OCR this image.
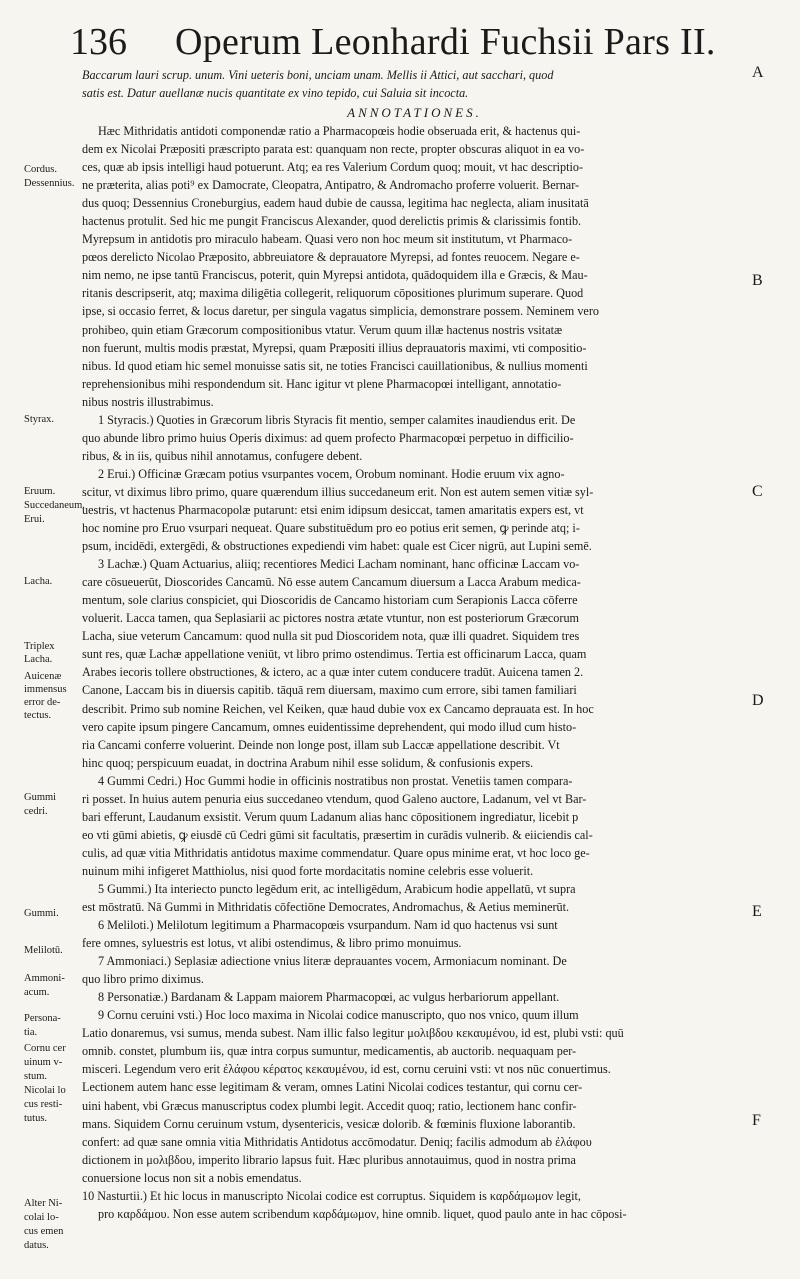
136 Operum Leonhardi Fuchsii Pars II.
Baccarum lauri scrup. unum. Vini ueteris boni, unciam unam. Mellis ii Attici, aut sacchari, quod
satis est. Datur auellanæ nucis quantitate ex vino tepido, cui Saluia sit incocta.
ANNOTATIONES.
Hæc Mithridatis antidoti componendæ ratio a Pharmacopœis hodie obseruada erit, & hactenus qui-
dem ex Nicolai Præpositi præscripto parata est: quanquam non recte, propter obscuras aliquot in ea vo-
ces, quæ ab ipsis intelligi haud potuerunt. Atq; ea res Valerium Cordum quoq; mouit, vt hac descriptio-
ne præterita, alias poti⁹ ex Damocrate, Cleopatra, Antipatro, & Andromacho proferre voluerit. Bernar-
dus quoq; Dessennius Croneburgius, eadem haud dubie de caussa, legitima hac neglecta, aliam inusitatā
hactenus protulit. Sed hic me pungit Franciscus Alexander, quod derelictis primis & clarissimis fontib.
Myrepsum in antidotis pro miraculo habeam. Quasi vero non hoc meum sit institutum, vt Pharmaco-
pœos derelicto Nicolao Præposito, abbreuiatore & deprauatore Myrepsi, ad fontes reuocem. Negare e-
nim nemo, ne ipse tantū Franciscus, poterit, quin Myrepsi antidota, quādoquidem illa e Græcis, & Mau-
ritanis descripserit, atq; maxima diligētia collegerit, reliquorum cōpositiones plurimum superare. Quod
ipse, si occasio ferret, & locus daretur, per singula vagatus simplicia, demonstrare possem. Neminem vero
prohibeo, quin etiam Græcorum compositionibus vtatur. Verum quum illæ hactenus nostris vsitatæ
non fuerunt, multis modis præstat, Myrepsi, quam Præpositi illius deprauatoris maximi, vti compositio-
nibus. Id quod etiam hic semel monuisse satis sit, ne toties Francisci cauillationibus, & nullius momenti
reprehensionibus mihi respondendum sit. Hanc igitur vt plene Pharmacopœi intelligant, annotatio-
nibus nostris illustrabimus.
1 Styracis.) Quoties in Græcorum libris Styracis fit mentio, semper calamites inaudiendus erit. De
quo abunde libro primo huius Operis diximus: ad quem profecto Pharmacopœi perpetuo in difficilio-
ribus, & in iis, quibus nihil annotamus, confugere debent.
2 Erui.) Officinæ Græcam potius vsurpantes vocem, Orobum nominant. Hodie eruum vix agno-
scitur, vt diximus libro primo, quare quærendum illius succedaneum erit. Non est autem semen vitiæ syl-
uestris, vt hactenus Pharmacopolæ putarunt: etsi enim idipsum desiccat, tamen amaritatis expers est, vt
hoc nomine pro Eruo vsurpari nequeat. Quare substituēdum pro eo potius erit semen, ꝙ perinde atq; i-
psum, incidēdi, extergēdi, & obstructiones expediendi vim habet: quale est Cicer nigrū, aut Lupini semē.
3 Lachæ.) Quam Actuarius, aliiq; recentiores Medici Lacham nominant, hanc officinæ Laccam vo-
care cōsueuerūt, Dioscorides Cancamū. Nō esse autem Cancamum diuersum a Lacca Arabum medica-
mentum, sole clarius conspiciet, qui Dioscoridis de Cancamo historiam cum Serapionis Lacca cōferre
voluerit. Lacca tamen, qua Seplasiarii ac pictores nostra ætate vtuntur, non est posteriorum Græcorum
Lacha, siue veterum Cancamum: quod nulla sit pud Dioscoridem nota, quæ illi quadret. Siquidem tres
sunt res, quæ Lachæ appellatione veniūt, vt libro primo ostendimus. Tertia est officinarum Lacca, quam
Arabes iecoris tollere obstructiones, & ictero, ac a quæ inter cutem conducere tradūt. Auicena tamen 2.
Canone, Laccam bis in diuersis capitib. tāquā rem diuersam, maximo cum errore, sibi tamen familiari
describit. Primo sub nomine Reichen, vel Keiken, quæ haud dubie vox ex Cancamo deprauata est. In hoc
vero capite ipsum pingere Cancamum, omnes euidentissime deprehendent, qui modo illud cum histo-
ria Cancami conferre voluerint. Deinde non longe post, illam sub Laccæ appellatione describit. Vt
hinc quoq; perspicuum euadat, in doctrina Arabum nihil esse solidum, & confusionis expers.
4 Gummi Cedri.) Hoc Gummi hodie in officinis nostratibus non prostat. Venetiis tamen compara-
ri posset. In huius autem penuria eius succedaneo vtendum, quod Galeno auctore, Ladanum, vel vt Bar-
bari efferunt, Laudanum exsistit. Verum quum Ladanum alias hanc cōpositionem ingrediatur, licebit p
eo vti gūmi abietis, ꝙ eiusdē cū Cedri gūmi sit facultatis, præsertim in curādis vulnerib. & eiiciendis cal-
culis, ad quæ vitia Mithridatis antidotus maxime commendatur. Quare opus minime erat, vt hoc loco ge-
nuinum mihi infigeret Matthiolus, nisi quod forte mordacitatis nomine celebris esse voluerit.
5 Gummi.) Ita interiecto puncto legēdum erit, ac intelligēdum, Arabicum hodie appellatū, vt supra
est mōstratū. Nā Gummi in Mithridatis cōfectiōne Democrates, Andromachus, & Aetius meminerūt.
6 Meliloti.) Melilotum legitimum a Pharmacopœis vsurpandum. Nam id quo hactenus vsi sunt
fere omnes, syluestris est lotus, vt alibi ostendimus, & libro primo monuimus.
7 Ammoniaci.) Seplasiæ adiectione vnius literæ deprauantes vocem, Armoniacum nominant. De
quo libro primo diximus.
8 Personatiæ.) Bardanam & Lappam maiorem Pharmacopœi, ac vulgus herbariorum appellant.
9 Cornu ceruini vsti.) Hoc loco maxima in Nicolai codice manuscripto, quo nos vnico, quum illum
Latio donaremus, vsi sumus, menda subest. Nam illic falso legitur μολιβδου κεκαυμένου, id est, plubi vsti: quū
omnib. constet, plumbum iis, quæ intra corpus sumuntur, medicamentis, ab auctorib. nequaquam per-
misceri. Legendum vero erit ἐλάφου κέρατος κεκαυμένου, id est, cornu ceruini vsti: vt nos nūc conuertimus.
Lectionem autem hanc esse legitimam & veram, omnes Latini Nicolai codices testantur, qui cornu cer-
uini habent, vbi Græcus manuscriptus codex plumbi legit. Accedit quoq; ratio, lectionem hanc confir-
mans. Siquidem Cornu ceruinum vstum, dysentericis, vesicæ dolorib. & fœminis fluxione laborantib.
confert: ad quæ sane omnia vitia Mithridatis Antidotus accōmodatur. Deniq; facilis admodum ab ἐλάφου
dictionem in μολιβδου, imperito librario lapsus fuit. Hæc pluribus annotauimus, quod in nostra prima
conuersione locus non sit a nobis emendatus.
10 Nasturtii.) Et hic locus in manuscripto Nicolai codice est corruptus. Siquidem is καρδάμωμον legit,
pro καρδάμου. Non esse autem scribendum καρδάμωμον, hine omnib. liquet, quod paulo ante in hac cōposi-
Cordus.
Dessennius.
Styrax.
Eruum.
Succedaneum.
Erui.
Lacha.
Triplex
Lacha.
Auicenæ
immensus
error de-
tectus.
Gummi
cedri.
Gummi.
Melilotū.
Ammoni-
acum.
Persona-
tia.
Cornu cer
uinum v-
stum.
Nicolai lo
cus resti-
tutus.
Alter Ni-
colai lo-
cus emen
datus.
A
B
C
D
E
F
